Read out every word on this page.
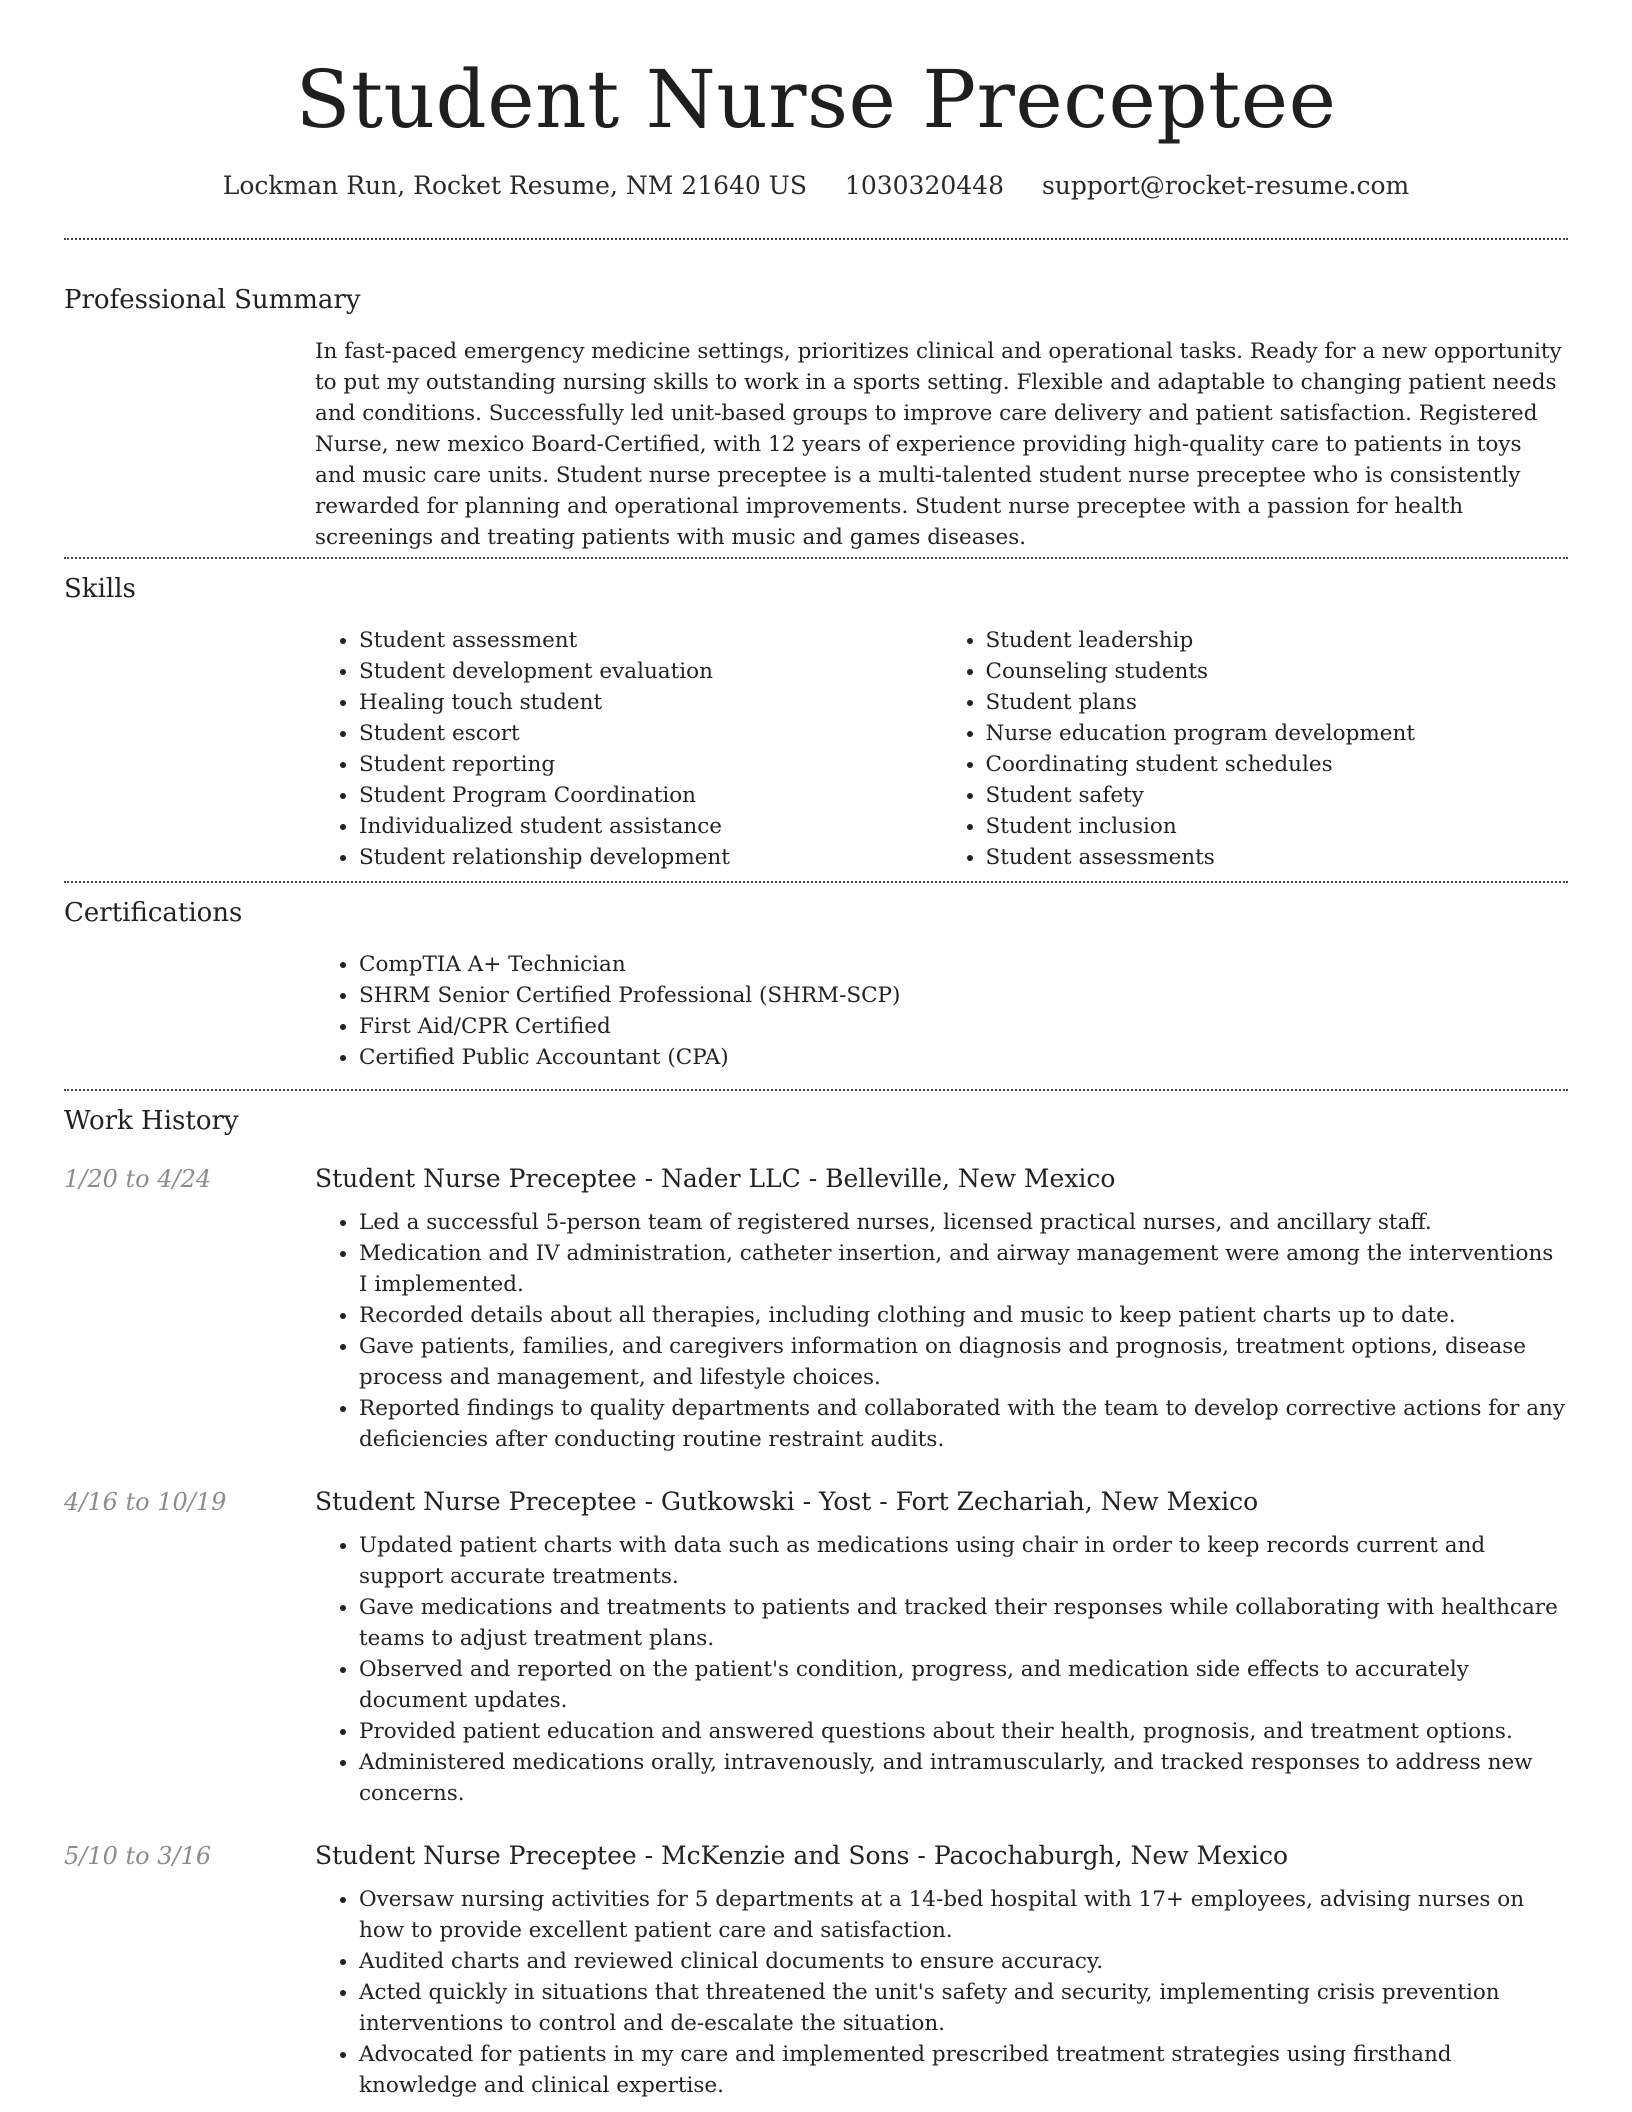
Student Nurse Preceptee
Lockman Run, Rocket Resume, NM 21640 US 1030320448 support@rocket-resume.com
Professional Summary

In fast-paced emergency medicine settings, prioritizes clinical and operational tasks. Ready for a new opportunity to put my outstanding nursing skills to work in a sports setting. Flexible and adaptable to changing patient needs and conditions. Successfully led unit-based groups to improve care delivery and patient satisfaction. Registered Nurse, new mexico Board-Certified, with 12 years of experience providing high-quality care to patients in toys and music care units. Student nurse preceptee is a multi-talented student nurse preceptee who is consistently rewarded for planning and operational improvements. Student nurse preceptee with a passion for health screenings and treating patients with music and games diseases.

Skills
• Student assessment
• Student development evaluation
• Healing touch student
• Student escort
• Student reporting
• Student Program Coordination
• Individualized student assistance
• Student relationship development
• Student leadership
• Counseling students
• Student plans
• Nurse education program development
• Coordinating student schedules
• Student safety
• Student inclusion
• Student assessments
Certifications
• CompTIA A+ Technician
• SHRM Senior Certified Professional (SHRM-SCP)
• First Aid/CPR Certified
• Certified Public Accountant (CPA)
Work History
1/20 to 4/24	Student Nurse Preceptee - Nader LLC - Belleville, New Mexico
• Led a successful 5-person team of registered nurses, licensed practical nurses, and ancillary staff.
• Medication and IV administration, catheter insertion, and airway management were among the interventions I implemented.
• Recorded details about all therapies, including clothing and music to keep patient charts up to date.
• Gave patients, families, and caregivers information on diagnosis and prognosis, treatment options, disease process and management, and lifestyle choices.
• Reported findings to quality departments and collaborated with the team to develop corrective actions for any deficiencies after conducting routine restraint audits.
4/16 to 10/19	Student Nurse Preceptee - Gutkowski - Yost - Fort Zechariah, New Mexico
• Updated patient charts with data such as medications using chair in order to keep records current and support accurate treatments.
• Gave medications and treatments to patients and tracked their responses while collaborating with healthcare teams to adjust treatment plans.
• Observed and reported on the patient's condition, progress, and medication side effects to accurately document updates.
• Provided patient education and answered questions about their health, prognosis, and treatment options.
• Administered medications orally, intravenously, and intramuscularly, and tracked responses to address new concerns.
5/10 to 3/16	Student Nurse Preceptee - McKenzie and Sons - Pacochaburgh, New Mexico
• Oversaw nursing activities for 5 departments at a 14-bed hospital with 17+ employees, advising nurses on how to provide excellent patient care and satisfaction.
• Audited charts and reviewed clinical documents to ensure accuracy.
• Acted quickly in situations that threatened the unit's safety and security, implementing crisis prevention interventions to control and de-escalate the situation.
• Advocated for patients in my care and implemented prescribed treatment strategies using firsthand knowledge and clinical expertise.
